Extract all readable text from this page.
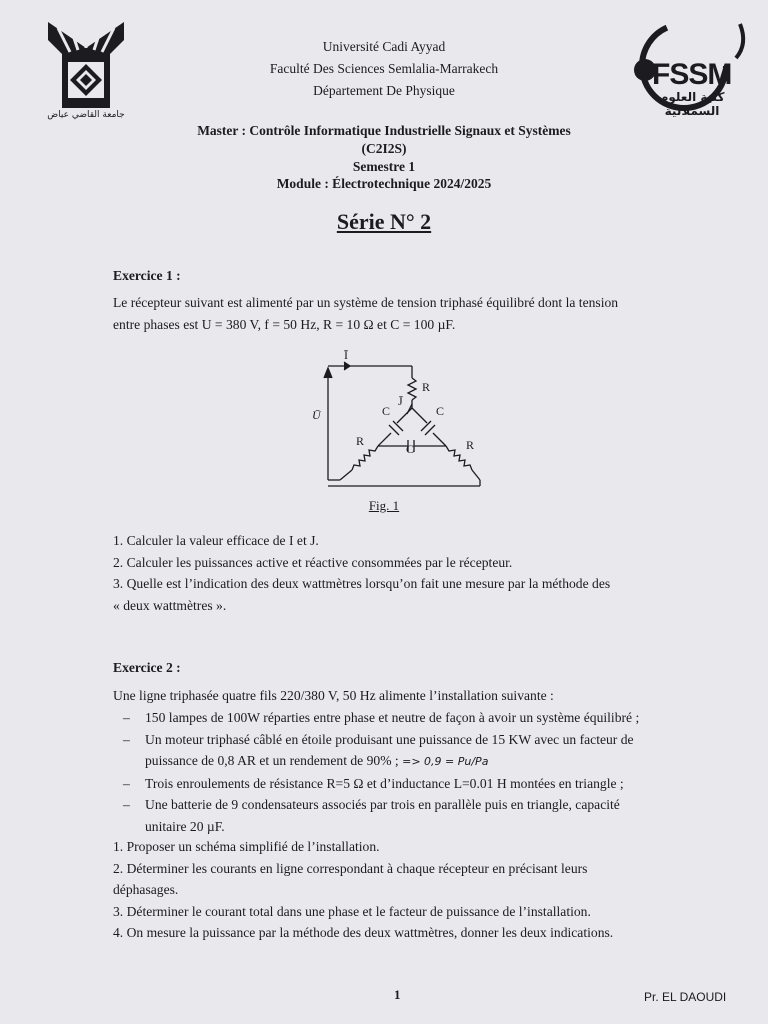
جامعة القاضي عياض
FSSM
كلية العلوم السملالية
Université Cadi Ayyad
Faculté Des Sciences Semlalia-Marrakech
Département De Physique
Master : Contrôle Informatique Industrielle Signaux et Systèmes
(C2I2S)
Semestre 1
Module : Électrotechnique 2024/2025
Série N° 2
Exercice 1 :
Le récepteur suivant est alimenté par un système de tension triphasé équilibré dont la tension
entre phases est U = 380 V, f = 50 Hz, R = 10 Ω et C = 100 µF.
Ī
R
J̄
C	C
Ū
R
C	R
Fig. 1
1. Calculer la valeur efficace de I et J.
2. Calculer les puissances active et réactive consommées par le récepteur.
3. Quelle est l’indication des deux wattmètres lorsqu’on fait une mesure par la méthode des
« deux wattmètres ».
Exercice 2 :
Une ligne triphasée quatre fils 220/380 V, 50 Hz alimente l’installation suivante :
– 150 lampes de 100W réparties entre phase et neutre de façon à avoir un système équilibré ;
– Un moteur triphasé câblé en étoile produisant une puissance de 15 KW avec un facteur de
puissance de 0,8 AR et un rendement de 90% ; => 0,9 = Pu/Pa
– Trois enroulements de résistance R=5 Ω et d’inductance L=0.01 H montées en triangle ;
– Une batterie de 9 condensateurs associés par trois en parallèle puis en triangle, capacité
unitaire 20 µF.
1. Proposer un schéma simplifié de l’installation.
2. Déterminer les courants en ligne correspondant à chaque récepteur en précisant leurs
déphasages.
3. Déterminer le courant total dans une phase et le facteur de puissance de l’installation.
4. On mesure la puissance par la méthode des deux wattmètres, donner les deux indications.
1	Pr. EL DAOUDI
